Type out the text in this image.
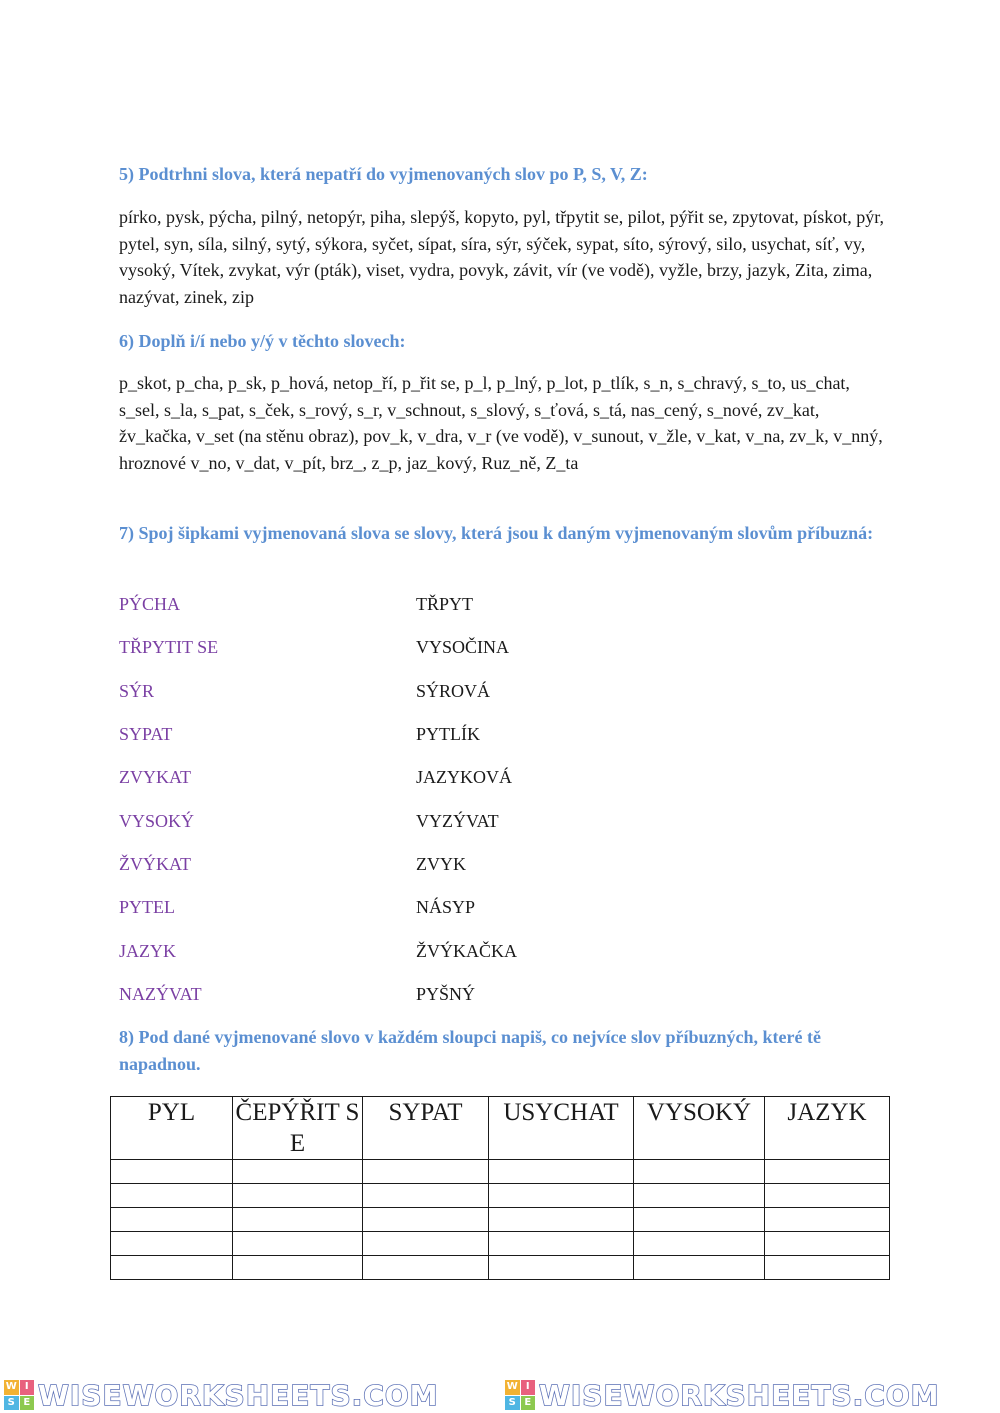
5) Podtrhni slova, která nepatří do vyjmenovaných slov po P, S, V, Z:
pírko, pysk, pýcha, pilný, netopýr, piha, slepýš, kopyto, pyl, třpytit se, pilot, pýřit se, zpytovat, pískot, pýr, pytel, syn, síla, silný, sytý, sýkora, syčet, sípat, síra, sýr, sýček, sypat, síto, sýrový, silo, usychat, síť, vy, vysoký, Vítek, zvykat, výr (pták), viset, vydra, povyk, závit, vír (ve vodě), vyžle, brzy, jazyk, Zita, zima, nazývat, zinek, zip
6) Doplň i/í nebo y/ý v těchto slovech:
p_skot, p_cha, p_sk, p_hová, netop_ří, p_řit se, p_l, p_lný, p_lot, p_tlík, s_n, s_chravý, s_to, us_chat, s_sel, s_la, s_pat, s_ček, s_rový, s_r, v_schnout, s_slový, s_ťová, s_tá, nas_cený, s_nové, zv_kat, žv_kačka, v_set (na stěnu obraz), pov_k, v_dra, v_r (ve vodě), v_sunout, v_žle, v_kat, v_na, zv_k, v_nný, hroznové v_no, v_dat, v_pít, brz_, z_p, jaz_kový, Ruz_ně, Z_ta
7) Spoj šipkami vyjmenovaná slova se slovy, která jsou k daným vyjmenovaným slovům příbuzná:
PÝCHA	TŘPYT
TŘPYTIT SE	VYSOČINA
SÝR	SÝROVÁ
SYPAT	PYTLÍK
ZVYKAT	JAZYKOVÁ
VYSOKÝ	VYZÝVAT
ŽVÝKAT	ZVYK
PYTEL	NÁSYP
JAZYK	ŽVÝKAČKA
NAZÝVAT	PYŠNÝ
8) Pod dané vyjmenované slovo v každém sloupci napiš, co nejvíce slov příbuzných, které tě napadnou.
PYL	ČEPÝŘIT SE	SYPAT	USYCHAT	VYSOKÝ	JAZYK

W I
S E WISEWORKSHEETS.COM	W I
S E WISEWORKSHEETS.COM
